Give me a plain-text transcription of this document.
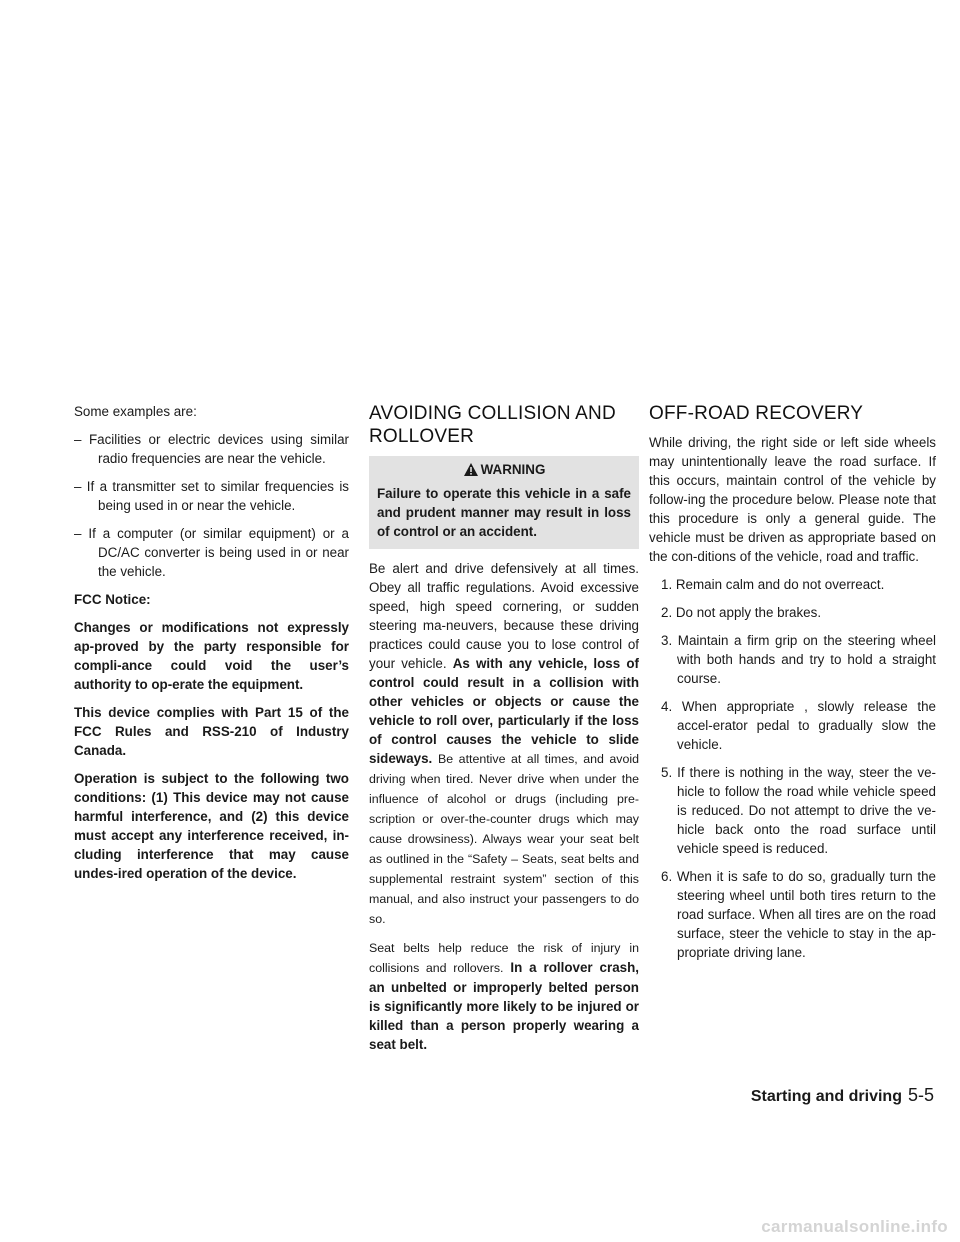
Some examples are:

– Facilities or electric devices using similar radio frequencies are near the vehicle.

– If a transmitter set to similar frequencies is being used in or near the vehicle.

– If a computer (or similar equipment) or a DC/AC converter is being used in or near the vehicle.

FCC Notice:

Changes or modifications not expressly ap-proved by the party responsible for compli-ance could void the user’s authority to op-erate the equipment.

This device complies with Part 15 of the FCC Rules and RSS-210 of Industry Canada.

Operation is subject to the following two conditions: (1) This device may not cause harmful interference, and (2) this device must accept any interference received, in-cluding interference that may cause undes-ired operation of the device.

AVOIDING COLLISION AND ROLLOVER
WARNING
Failure to operate this vehicle in a safe and prudent manner may result in loss of control or an accident.

Be alert and drive defensively at all times. Obey all traffic regulations. Avoid excessive speed, high speed cornering, or sudden steering ma-neuvers, because these driving practices could cause you to lose control of your vehicle. As with any vehicle, loss of control could result in a collision with other vehicles or objects or cause the vehicle to roll over, particularly if the loss of control causes the vehicle to slide sideways. Be attentive at all times, and avoid driving when tired. Never drive when under the influence of alcohol or drugs (including pre-scription or over-the-counter drugs which may cause drowsiness). Always wear your seat belt as outlined in the “Safety – Seats, seat belts and supplemental restraint system” section of this manual, and also instruct your passengers to do so.

Seat belts help reduce the risk of injury in collisions and rollovers. In a rollover crash, an unbelted or improperly belted person is significantly more likely to be injured or killed than a person properly wearing a seat belt.

OFF-ROAD RECOVERY

While driving, the right side or left side wheels may unintentionally leave the road surface. If this occurs, maintain control of the vehicle by follow-ing the procedure below. Please note that this procedure is only a general guide. The vehicle must be driven as appropriate based on the con-ditions of the vehicle, road and traffic.

1. Remain calm and do not overreact.

2. Do not apply the brakes.

3. Maintain a firm grip on the steering wheel with both hands and try to hold a straight course.

4. When appropriate , slowly release the accel-erator pedal to gradually slow the vehicle.

5. If there is nothing in the way, steer the ve-hicle to follow the road while vehicle speed is reduced. Do not attempt to drive the ve-hicle back onto the road surface until vehicle speed is reduced.

6. When it is safe to do so, gradually turn the steering wheel until both tires return to the road surface. When all tires are on the road surface, steer the vehicle to stay in the ap-propriate driving lane.

Starting and driving 5-5
carmanualsonline.info
